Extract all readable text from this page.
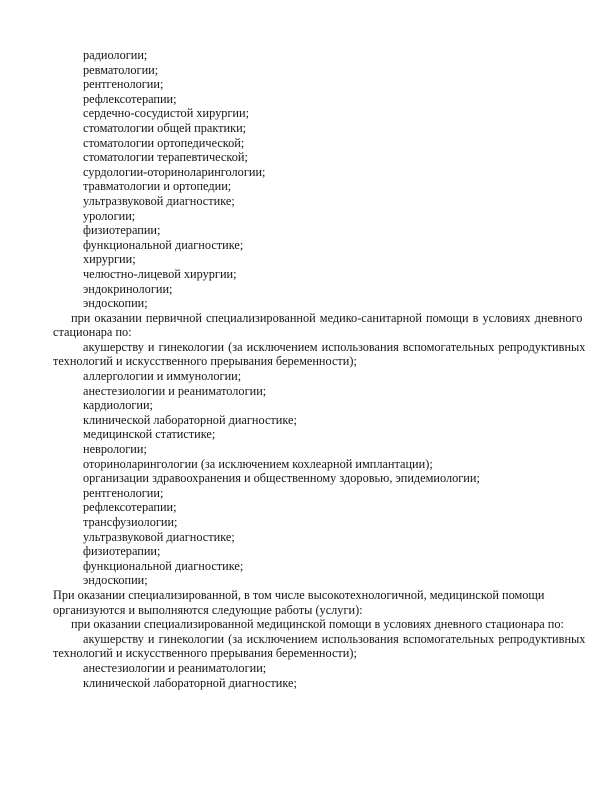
радиологии;
ревматологии;
рентгенологии;
рефлексотерапии;
сердечно-сосудистой хирургии;
стоматологии общей практики;
стоматологии ортопедической;
стоматологии терапевтической;
сурдологии-оториноларингологии;
травматологии и ортопедии;
ультразвуковой диагностике;
урологии;
физиотерапии;
функциональной диагностике;
хирургии;
челюстно-лицевой хирургии;
эндокринологии;
эндоскопии;
при оказании первичной специализированной медико-санитарной помощи в условиях дневного
стационара по:
акушерству и гинекологии (за исключением использования вспомогательных репродуктивных
технологий и искусственного прерывания беременности);
аллергологии и иммунологии;
анестезиологии и реаниматологии;
кардиологии;
клинической лабораторной диагностике;
медицинской статистике;
неврологии;
оториноларингологии (за исключением кохлеарной имплантации);
организации здравоохранения и общественному здоровью, эпидемиологии;
рентгенологии;
рефлексотерапии;
трансфузиологии;
ультразвуковой диагностике;
физиотерапии;
функциональной диагностике;
эндоскопии;
При оказании специализированной, в том числе высокотехнологичной, медицинской помощи
организуются и выполняются следующие работы (услуги):
при оказании специализированной медицинской помощи в условиях дневного стационара по:
акушерству и гинекологии (за исключением использования вспомогательных репродуктивных
технологий и искусственного прерывания беременности);
анестезиологии и реаниматологии;
клинической лабораторной диагностике;
